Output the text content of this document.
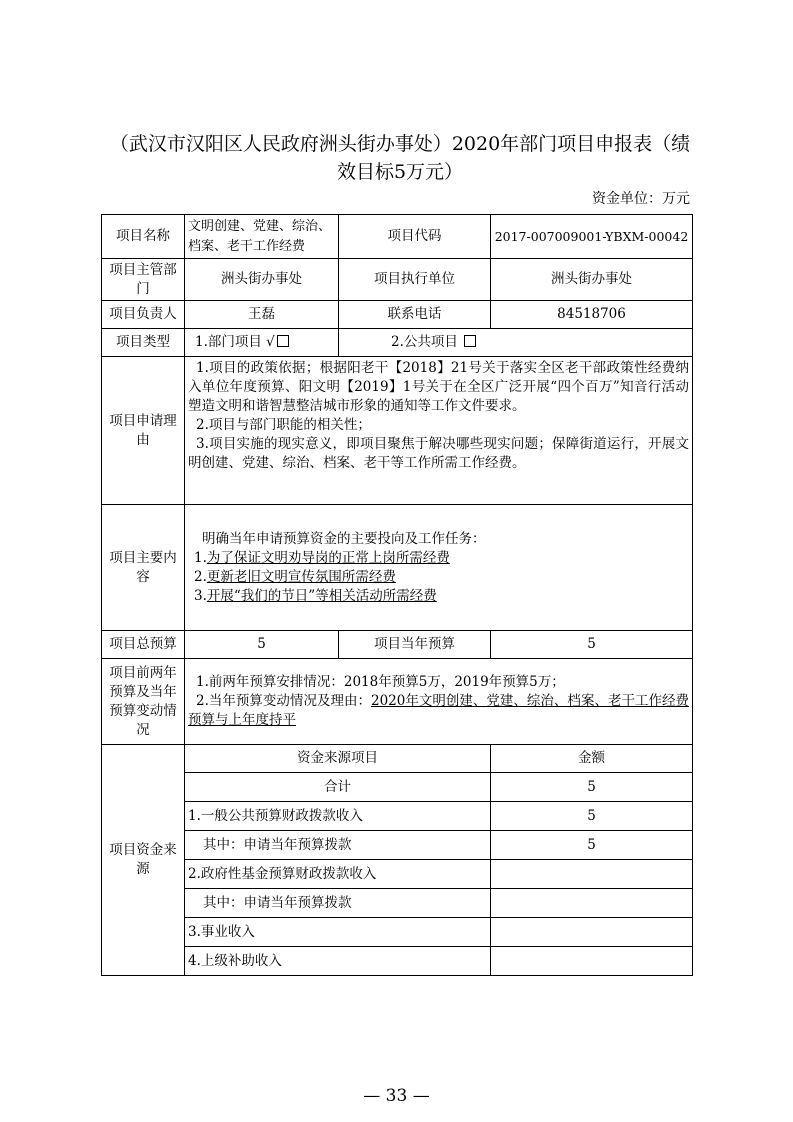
（武汉市汉阳区人民政府洲头街办事处）2020年部门项目申报表（绩
效目标5万元）
资金单位：万元
项目名称	文明创建、党建、综治、档案、老干工作经费	项目代码	2017-007009001-YBXM-00042
项目主管部门	洲头街办事处	项目执行单位	洲头街办事处
项目负责人	王磊	联系电话	84518706
项目类型	1.部门项目 √	2.公共项目	
项目申请理由	1.项目的政策依据；根据阳老干【2018】21号关于落实全区老干部政策性经费纳入单位年度预算、阳文明【2019】1号关于在全区广泛开展“四个百万”知音行活动塑造文明和谐智慧整洁城市形象的通知等工作文件要求。
2.项目与部门职能的相关性；
3.项目实施的现实意义，即项目聚焦于解决哪些现实问题；保障街道运行，开展文明创建、党建、综治、档案、老干等工作所需工作经费。		

项目主要内容	明确当年申请预算资金的主要投向及工作任务：
1.为了保证文明劝导岗的正常上岗所需经费
2.更新老旧文明宣传氛围所需经费
3.开展“我们的节日”等相关活动所需经费		

项目总预算	5	项目当年预算	5
项目前两年预算及当年预算变动情况	1.前两年预算安排情况：2018年预算5万，2019年预算5万；
2.当年预算变动情况及理由：2020年文明创建、党建、综治、档案、老干工作经费预算与上年度持平		

项目资金来源	资金来源项目		金额
	合计		5
	1.一般公共预算财政拨款收入		5
	其中：申请当年预算拨款		5
	2.政府性基金预算财政拨款收入		
	其中：申请当年预算拨款		
	3.事业收入		
	4.上级补助收入		
— 33 —
